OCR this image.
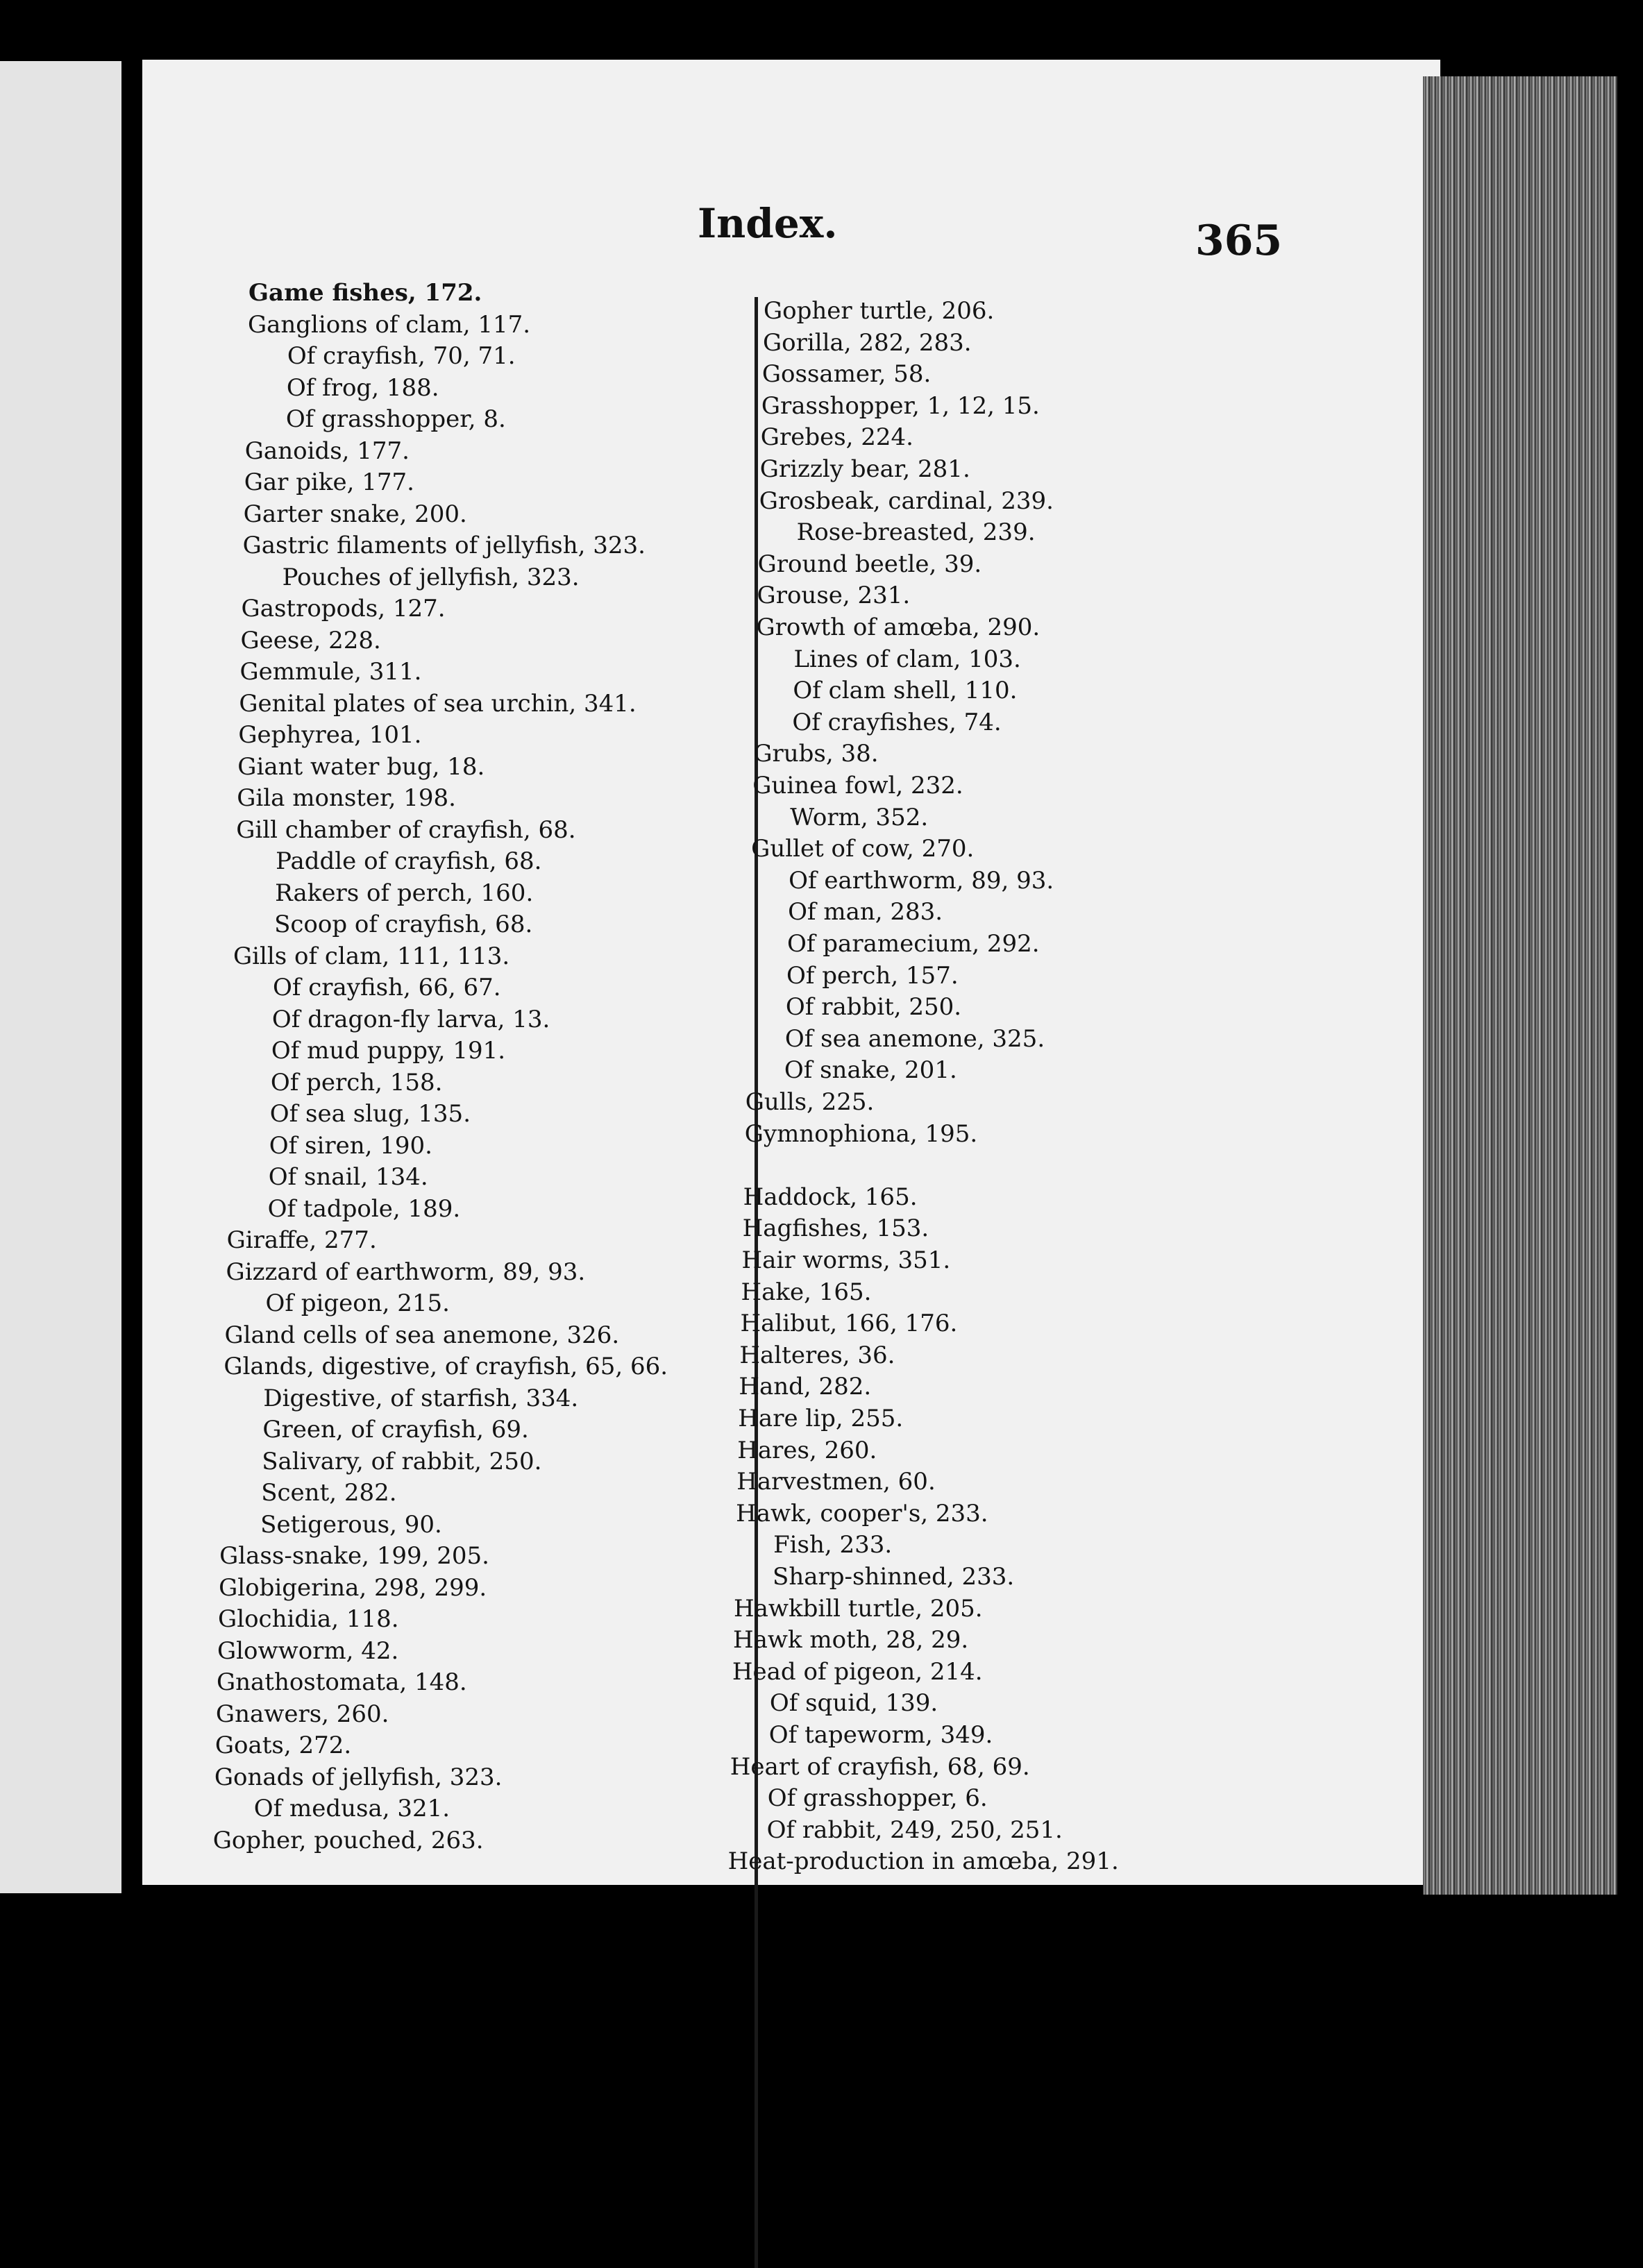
Index.	365
Game fishes, 172.
Ganglions of clam, 117.
Of crayfish, 70, 71.
Of frog, 188.
Of grasshopper, 8.
Ganoids, 177.
Gar pike, 177.
Garter snake, 200.
Gastric filaments of jellyfish, 323.
Pouches of jellyfish, 323.
Gastropods, 127.
Geese, 228.
Gemmule, 311.
Genital plates of sea urchin, 341.
Gephyrea, 101.
Giant water bug, 18.
Gila monster, 198.
Gill chamber of crayfish, 68.
Paddle of crayfish, 68.
Rakers of perch, 160.
Scoop of crayfish, 68.
Gills of clam, 111, 113.
Of crayfish, 66, 67.
Of dragon-fly larva, 13.
Of mud puppy, 191.
Of perch, 158.
Of sea slug, 135.
Of siren, 190.
Of snail, 134.
Of tadpole, 189.
Giraffe, 277.
Gizzard of earthworm, 89, 93.
Of pigeon, 215.
Gland cells of sea anemone, 326.
Glands, digestive, of crayfish, 65, 66.
Digestive, of starfish, 334.
Green, of crayfish, 69.
Salivary, of rabbit, 250.
Scent, 282.
Setigerous, 90.
Glass-snake, 199, 205.
Globigerina, 298, 299.
Glochidia, 118.
Glowworm, 42.
Gnathostomata, 148.
Gnawers, 260.
Goats, 272.
Gonads of jellyfish, 323.
Of medusa, 321.
Gopher, pouched, 263.
Gopher turtle, 206.
Gorilla, 282, 283.
Gossamer, 58.
Grasshopper, 1, 12, 15.
Grebes, 224.
Grizzly bear, 281.
Grosbeak, cardinal, 239.
Rose-breasted, 239.
Ground beetle, 39.
Grouse, 231.
Growth of amœba, 290.
Lines of clam, 103.
Of clam shell, 110.
Of crayfishes, 74.
Grubs, 38.
Guinea fowl, 232.
Worm, 352.
Gullet of cow, 270.
Of earthworm, 89, 93.
Of man, 283.
Of paramecium, 292.
Of perch, 157.
Of rabbit, 250.
Of sea anemone, 325.
Of snake, 201.
Gulls, 225.
Gymnophiona, 195.
Haddock, 165.
Hagfishes, 153.
Hair worms, 351.
Hake, 165.
Halibut, 166, 176.
Halteres, 36.
Hand, 282.
Hare lip, 255.
Hares, 260.
Harvestmen, 60.
Hawk, cooper's, 233.
Fish, 233.
Sharp-shinned, 233.
Hawkbill turtle, 205.
Hawk moth, 28, 29.
Head of pigeon, 214.
Of squid, 139.
Of tapeworm, 349.
Heart of crayfish, 68, 69.
Of grasshopper, 6.
Of rabbit, 249, 250, 251.
Heat-production in amœba, 291.
